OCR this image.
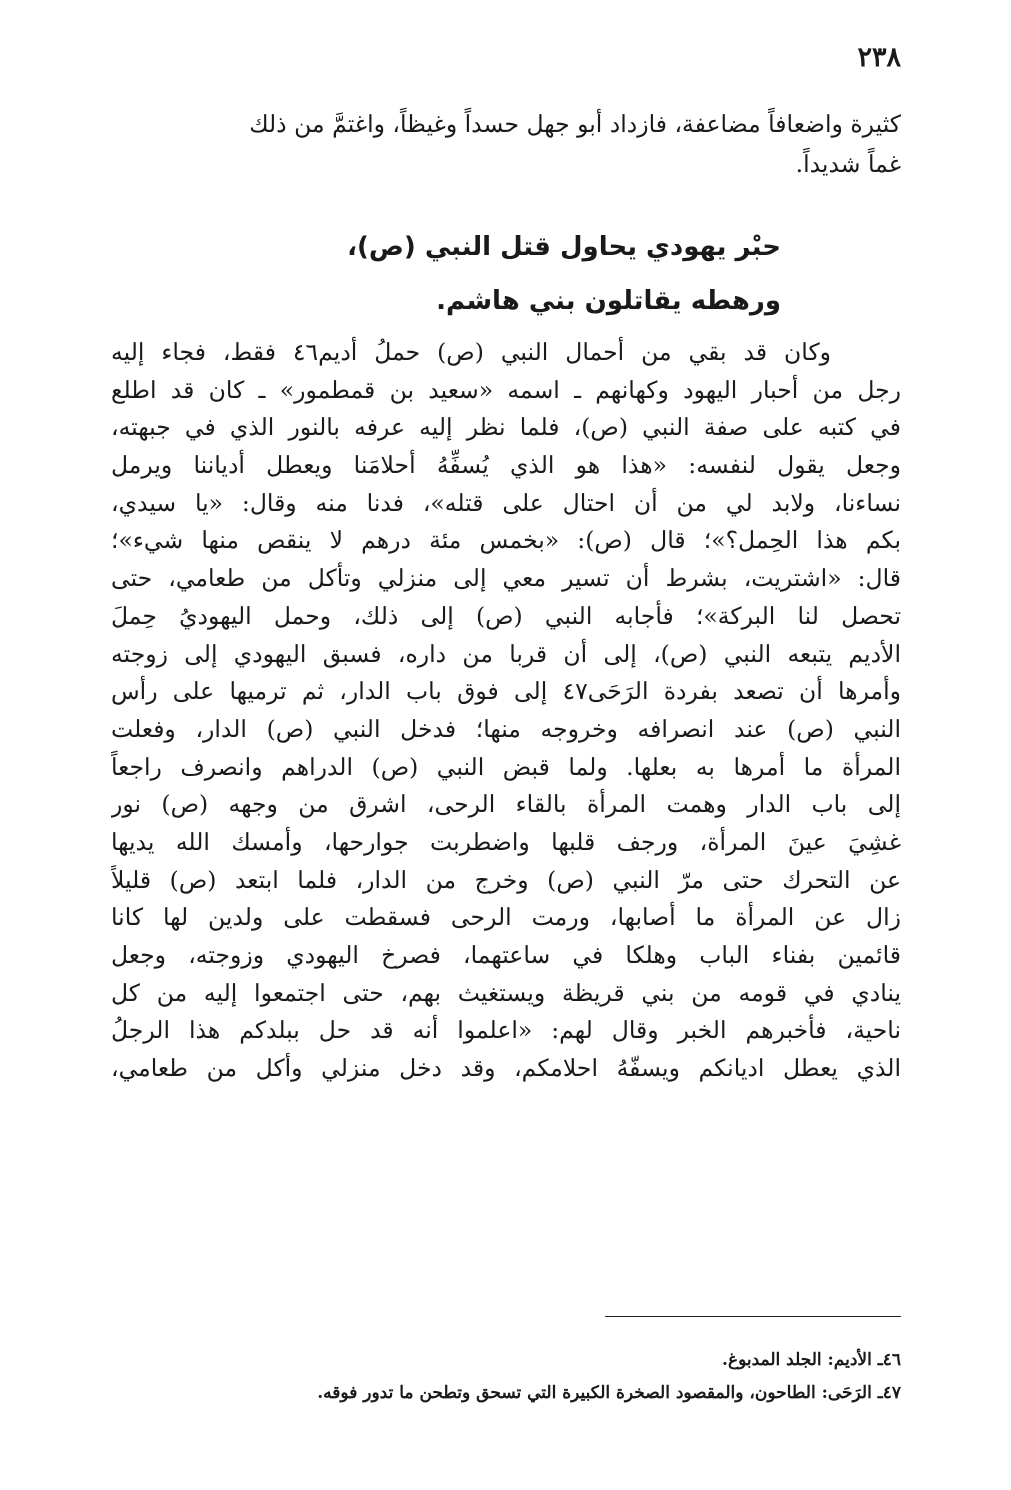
٢٣٨
كثيرة واضعافاً مضاعفة، فازداد أبو جهل حسداً وغيظاً، واغتمَّ من ذلك
غماً شديداً.
حبْر يهودي يحاول قتل النبي (ص)،
ورهطه يقاتلون بني هاشم.
وكان قد بقي من أحمال النبي (ص) حملُ أديم٤٦ فقط، فجاء إليه
رجل من أحبار اليهود وكهانهم ـ اسمه «سعيد بن قمطمور» ـ كان قد اطلع
في كتبه على صفة النبي (ص)، فلما نظر إليه عرفه بالنور الذي في جبهته،
وجعل يقول لنفسه: «هذا هو الذي يُسفِّهُ أحلامَنا ويعطل أدياننا ويرمل
نساءنا، ولابد لي من أن احتال على قتله»، فدنا منه وقال: «يا سيدي،
بكم هذا الحِمل؟»؛ قال (ص): «بخمس مئة درهم لا ينقص منها شيء»؛
قال: «اشتريت، بشرط أن تسير معي إلى منزلي وتأكل من طعامي، حتى
تحصل لنا البركة»؛ فأجابه النبي (ص) إلى ذلك، وحمل اليهوديُ حِملَ
الأديم يتبعه النبي (ص)، إلى أن قربا من داره، فسبق اليهودي إلى زوجته
وأمرها أن تصعد بفردة الرَحَى٤٧ إلى فوق باب الدار، ثم ترميها على رأس
النبي (ص) عند انصرافه وخروجه منها؛ فدخل النبي (ص) الدار، وفعلت
المرأة ما أمرها به بعلها. ولما قبض النبي (ص) الدراهم وانصرف راجعاً
إلى باب الدار وهمت المرأة بالقاء الرحى، اشرق من وجهه (ص) نور
غشِيَ عينَ المرأة، ورجف قلبها واضطربت جوارحها، وأمسك الله يديها
عن التحرك حتى مرّ النبي (ص) وخرج من الدار، فلما ابتعد (ص) قليلاً
زال عن المرأة ما أصابها، ورمت الرحى فسقطت على ولدين لها كانا
قائمين بفناء الباب وهلكا في ساعتهما، فصرخ اليهودي وزوجته، وجعل
ينادي في قومه من بني قريظة ويستغيث بهم، حتى اجتمعوا إليه من كل
ناحية، فأخبرهم الخبر وقال لهم: «اعلموا أنه قد حل ببلدكم هذا الرجلُ
الذي يعطل اديانكم ويسفّهُ احلامكم، وقد دخل منزلي وأكل من طعامي،
٤٦ـ الأديم: الجلد المدبوغ.
٤٧ـ الرَحَى: الطاحون، والمقصود الصخرة الكبيرة التي تسحق وتطحن ما تدور فوقه.
